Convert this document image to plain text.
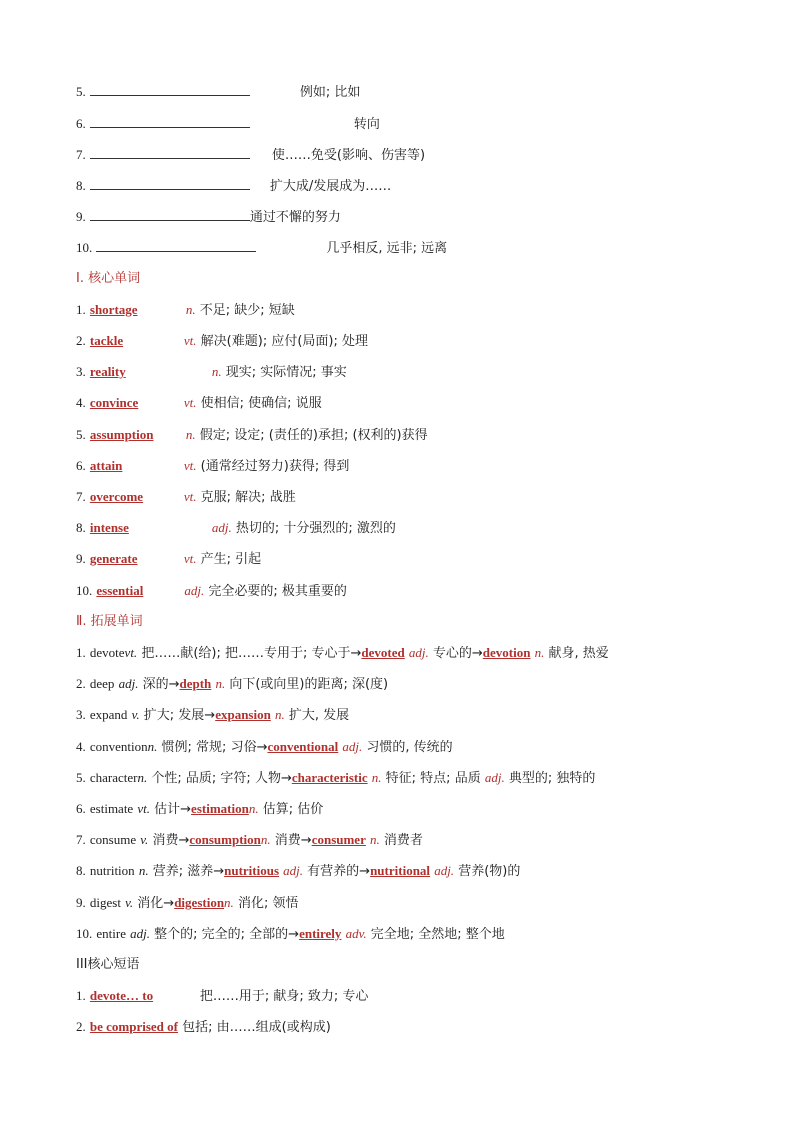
5.	例如; 比如
6.	转向
7.	使……免受(影响、伤害等)
8.	扩大成/发展成为……
9.	通过不懈的努力
10.	几乎相反, 远非; 远离
Ⅰ. 核心单词
1. shortage	n. 不足; 缺少; 短缺
2. tackle	vt. 解决(难题); 应付(局面); 处理
3. reality	n. 现实; 实际情况; 事实
4. convince	vt. 使相信; 使确信; 说服
5. assumption n. 假定; 设定; (责任的)承担; (权利的)获得
6. attain	vt. (通常经过努力)获得; 得到
7. overcome	vt. 克服; 解决; 战胜
8. intense	adj. 热切的; 十分强烈的; 激烈的
9. generate	vt. 产生; 引起
10. essential	adj. 完全必要的; 极其重要的
Ⅱ. 拓展单词
1. devotevt. 把……献(给); 把……专用于; 专心于→devoted adj. 专心的→devotion n. 献身, 热爱
2. deep adj. 深的→depth n. 向下(或向里)的距离; 深(度)
3. expand v. 扩大; 发展→expansion n. 扩大, 发展
4. conventionn. 惯例; 常规; 习俗→conventional adj. 习惯的, 传统的
5. charactern. 个性; 品质; 字符; 人物→characteristic n. 特征; 特点; 品质 adj. 典型的; 独特的
6. estimate vt. 估计→estimationn. 估算; 估价
7. consume v. 消费→consumptionn. 消费→consumer n. 消费者
8. nutrition n. 营养; 滋养→nutritious adj. 有营养的→nutritional adj. 营养(物)的
9. digest v. 消化→digestionn. 消化; 领悟
10. entire adj. 整个的; 完全的; 全部的→entirely adv. 完全地; 全然地; 整个地
III核心短语
1. devote… to	把……用于; 献身; 致力; 专心
2. be comprised of 包括; 由……组成(或构成)
